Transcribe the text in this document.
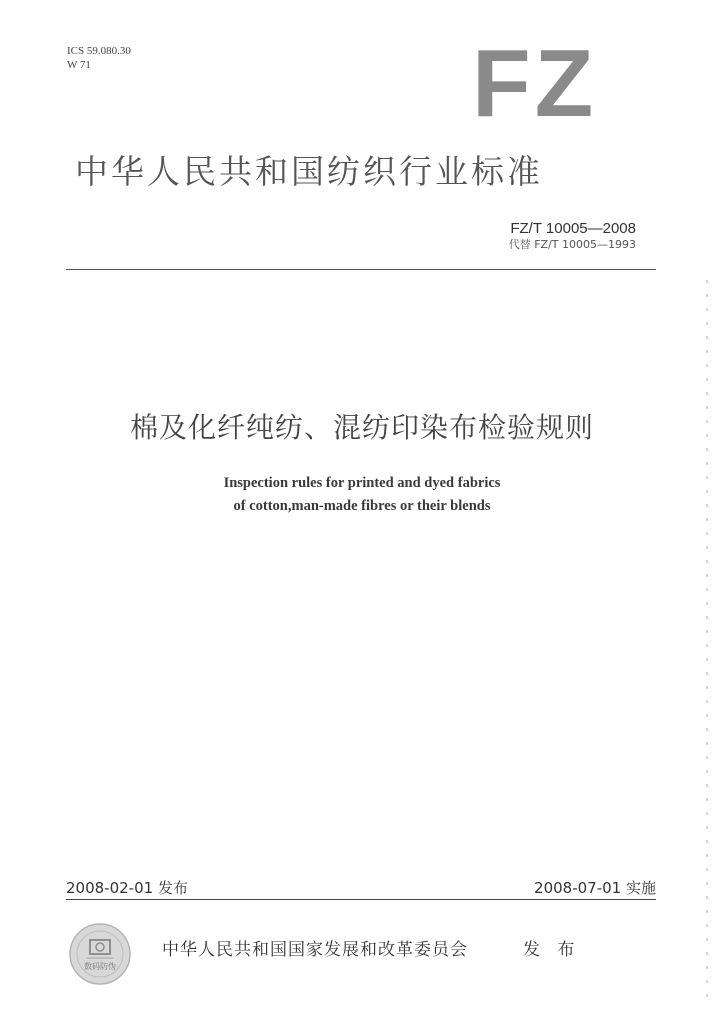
ICS 59.080.30
W 71	FZ
中华人民共和国纺织行业标准
FZ/T 10005—2008
代替 FZ/T 10005—1993
棉及化纤纯纺、混纺印染布检验规则
Inspection rules for printed and dyed fabrics
of cotton,man-made fibres or their blends
2008-02-01 发布	2008-07-01 实施
数码防伪
中华人民共和国国家发展和改革委员会	发 布
